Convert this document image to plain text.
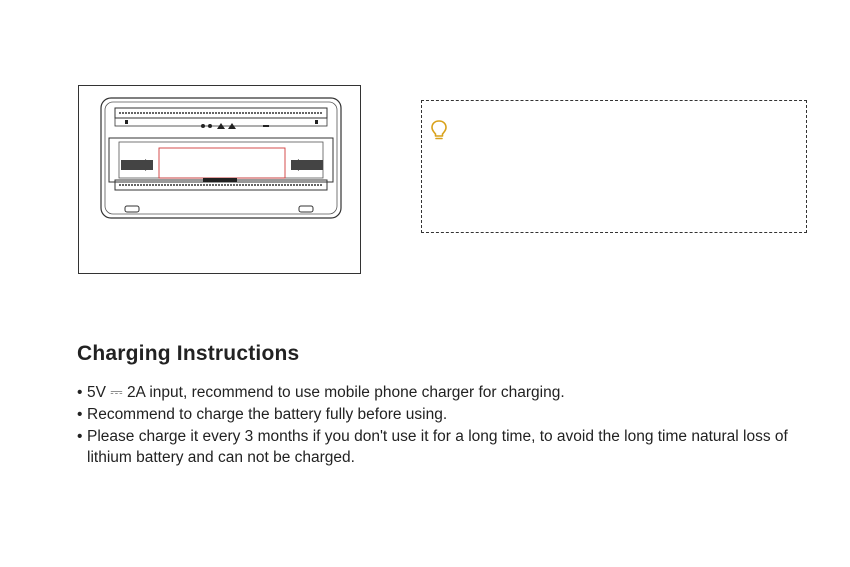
Charging Instructions
• 5V ⎓ 2A input, recommend to use mobile phone charger for charging.
• Recommend to charge the battery fully before using.
• Please charge it every 3 months if you don't use it for a long time, to avoid the long time natural loss of lithium battery and can not be charged.
